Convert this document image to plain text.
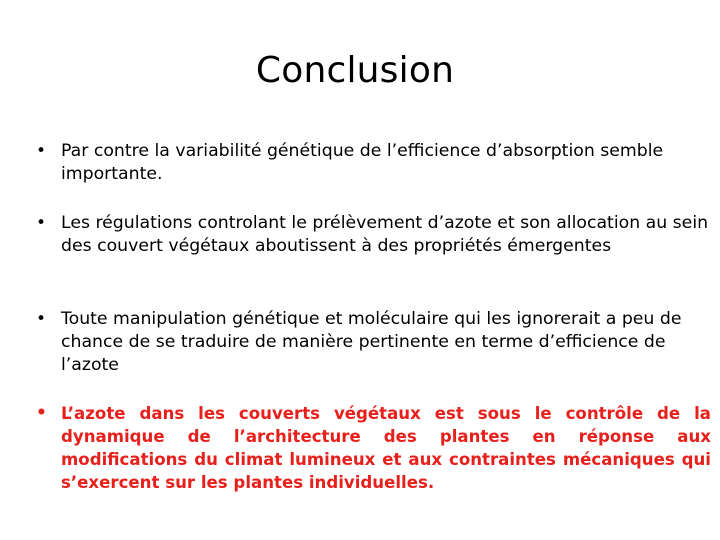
Conclusion
• Par contre la variabilité génétique de l’efficience d’absorption semble importante.
• Les régulations controlant le prélèvement d’azote et son allocation au sein des couvert végétaux aboutissent à des propriétés émergentes
• Toute manipulation génétique et moléculaire qui les ignorerait a peu de chance de se traduire de manière pertinente en terme d’efficience de l’azote
• L’azote dans les couverts végétaux est sous le contrôle de la dynamique de l’architecture des plantes en réponse aux modifications du climat lumineux et aux contraintes mécaniques qui s’exercent sur les plantes individuelles.
